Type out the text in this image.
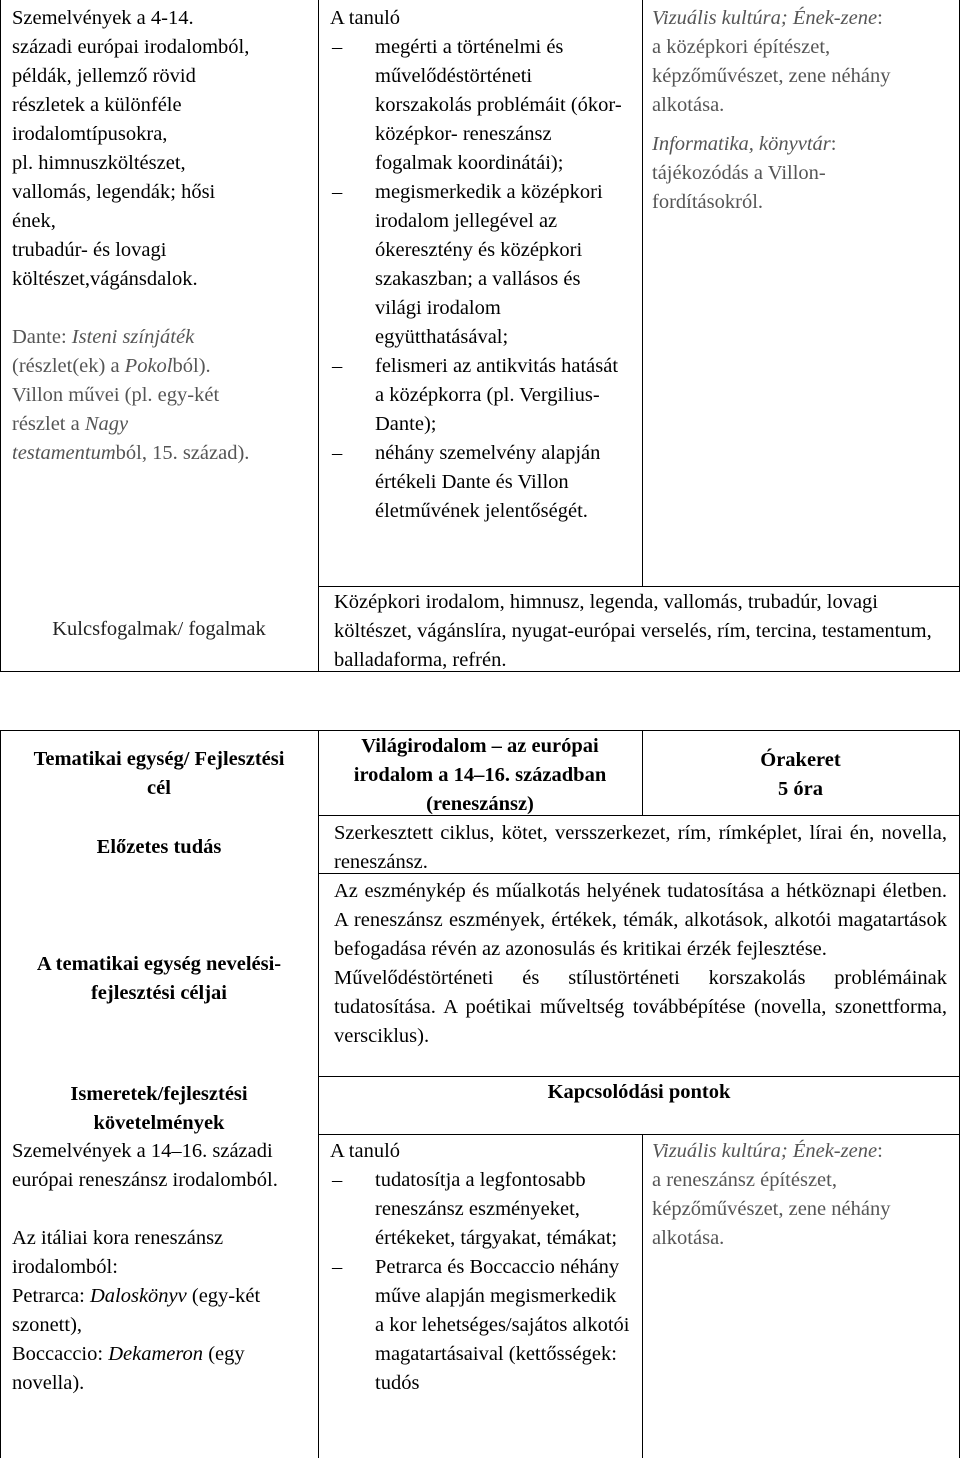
Szemelvények a 4-14.
századi európai irodalomból,
példák, jellemző rövid
részletek a különféle
irodalomtípusokra,
pl. himnuszköltészet,
vallomás, legendák; hősi
ének,
trubadúr- és lovagi
költészet,vágánsdalok.
Dante: Isteni színjáték
(részlet(ek) a Pokolból).
Villon művei (pl. egy-két
részlet a Nagy
testamentumból, 15. század).
A tanuló
– megérti a történelmi és művelődéstörténeti korszakolás problémáit (ókor- középkor- reneszánsz fogalmak koordinátái);
– megismerkedik a középkori irodalom jellegével az ókeresztény és középkori szakaszban; a vallásos és világi irodalom együtthatásával;
– felismeri az antikvitás hatását a középkorra (pl. Vergilius-Dante);
– néhány szemelvény alapján értékeli Dante és Villon életművének jelentőségét.
Vizuális kultúra; Ének-zene:
a középkori építészet, képzőművészet, zene néhány alkotása.
Informatika, könyvtár:
tájékozódás a Villon-fordításokról.
Kulcsfogalmak/ fogalmak
Középkori irodalom, himnusz, legenda, vallomás, trubadúr, lovagi költészet, vágánslíra, nyugat-európai verselés, rím, tercina, testamentum, balladaforma, refrén.
Tematikai egység/ Fejlesztési cél
Előzetes tudás
A tematikai egység nevelési-fejlesztési céljai
Ismeretek/fejlesztési követelmények
Világirodalom – az európai irodalom a 14–16. században (reneszánsz)
Órakeret
5 óra
Szerkesztett ciklus, kötet, versszerkezet, rím, rímképlet, lírai én, novella, reneszánsz.
Az eszménykép és műalkotás helyének tudatosítása a hétköznapi életben. A reneszánsz eszmények, értékek, témák, alkotások, alkotói magatartások befogadása révén az azonosulás és kritikai érzék fejlesztése.
Művelődéstörténeti és stílustörténeti korszakolás problémáinak tudatosítása. A poétikai műveltség továbbépítése (novella, szonettforma, versciklus).
Kapcsolódási pontok
Szemelvények a 14–16. századi európai reneszánsz irodalomból.
Az itáliai kora reneszánsz irodalomból:
Petrarca: Daloskönyv (egy-két szonett),
Boccaccio: Dekameron (egy novella).
A tanuló
– tudatosítja a legfontosabb reneszánsz eszményeket, értékeket, tárgyakat, témákat;
– Petrarca és Boccaccio néhány műve alapján megismerkedik a kor lehetséges/sajátos alkotói magatartásaival (kettősségek: tudós
Vizuális kultúra; Ének-zene:
a reneszánsz építészet, képzőművészet, zene néhány alkotása.
